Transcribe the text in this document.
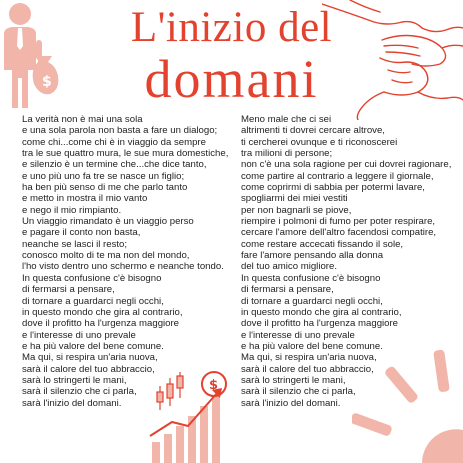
$
$
L'inizio del
domani
La verità non è mai una sola
e una sola parola non basta a fare un dialogo;
come chi...come chi è in viaggio da sempre
tra le sue quattro mura, le sue mura domestiche,
e silenzio è un termine che...che dice tanto,
e uno più uno fa tre se nasce un figlio;
ha ben più senso di me che parlo tanto
e metto in mostra il mio vanto
e nego il mio rimpianto.
Un viaggio rimandato è un viaggio perso
e pagare il conto non basta,
neanche se lasci il resto;
conosco molto di te ma non del mondo,
l'ho visto dentro uno schermo e neanche tondo.
In questa confusione c'è bisogno
di fermarsi a pensare,
di tornare a guardarci negli occhi,
in questo mondo che gira al contrario,
dove il profitto ha l'urgenza maggiore
e l'interesse di uno prevale
e ha più valore del bene comune.
Ma qui, si respira un'aria nuova,
sarà il calore del tuo abbraccio,
sarà lo stringerti le mani,
sarà il silenzio che ci parla,
sarà l'inizio del domani.
Meno male che ci sei
altrimenti ti dovrei cercare altrove,
ti cercherei ovunque e ti riconoscerei
tra milioni di persone;
non c'è una sola ragione per cui dovrei ragionare,
come partire al contrario a leggere il giornale,
come coprirmi di sabbia per potermi lavare,
spogliarmi dei miei vestiti
per non bagnarli se piove,
riempire i polmoni di fumo per poter respirare,
cercare l'amore dell'altro facendosi compatire,
come restare accecati fissando il sole,
fare l'amore pensando alla donna
del tuo amico migliore.
In questa confusione c'è bisogno
di fermarsi a pensare,
di tornare a guardarci negli occhi,
in questo mondo che gira al contrario,
dove il profitto ha l'urgenza maggiore
e l'interesse di uno prevale
e ha più valore del bene comune.
Ma qui, si respira un'aria nuova,
sarà il calore del tuo abbraccio,
sarà lo stringerti le mani,
sarà il silenzio che ci parla,
sarà l'inizio del domani.
